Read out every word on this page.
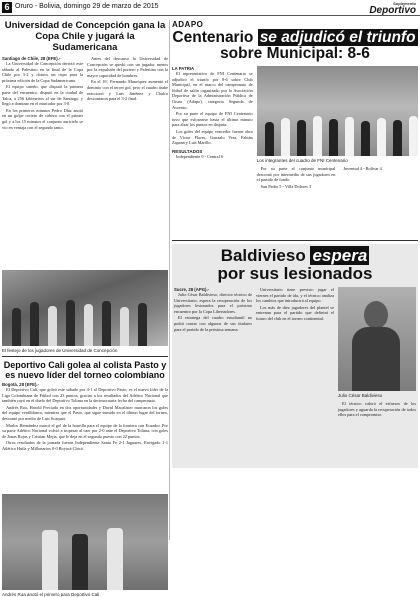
6 Oruro - Bolivia, domingo 29 de marzo de 2015	Suplemento
Deportivo
Universidad de Concepción gana la Copa Chile y jugará la Sudamericana
Santiago de Chile, 28 (EFE).-

La Universidad de Concepción derrotó este sábado al Palestino en la final de la Copa Chile por 3-2 y obtuvo un cupo para la próxima edición de la Copa Sudamericana.

El equipo sureño, que disputó la primera parte del encuentro, disputó en la ciudad de Talca, a 256 kilómetros al sur de Santiago, y llegó a dominar en el marcador por 3-0.

En los primeros minutos Pedro Díaz anotó en un golpe certero de cabeza con el primer gol y a los 15 minutos el conjunto auricielo se vio en ventaja con el segundo tanto.

Antes del descanso la Universidad de Concepción se quedó con un jugador menos por la expulsión del portero y Palestino con la mayor capacidad de hombres.

En el 16', Fernando Manríquez aumentó el dominio con el tercer gol, pero el cuadro árabe reaccionó y Luis Jiménez y Chalco descontaron para el 3-2 final.

El festejo de los jugadores de Universidad de Concepción
Deportivo Cali golea al colista Pasto y es nuevo líder del torneo colombiano
Bogotá, 28 (EFE).-

El Deportivo Cali, que goleó este sábado por 4-1 al Deportivo Pasto, es el nuevo líder de la Liga Colombiana de Fútbol con 23 puntos, gracias a los resultados del Atlético Nacional que también cayó en el duelo del Deportivo Tolima en la decimocuarta fecha del campeonato.

Andrés Roa, Harold Preciado en dos oportunidades y David Macalister marcaron los goles del equipo verdiblanco, mientras que el Pasto, que sigue sumido en el último lugar del torneo, descontó por medio de Luis Scarpati.

Marlos Hernández marcó el gol de la honrilla para el equipo de la frontera con Ecuador. Por su parte Atlético Nacional volvió a tropezar al caer por 2-0 ante el Deportivo Tolima, con goles de Jonas Rojas y Cristian Mejía, que le deja en el segundo puesto con 22 puntos.

Otros resultados de la jornada fueron Independiente Santa Fe 2-1 Jaguares, Envigado 1-1 Atlético Huila y Millonarios 0-0 Boyacá Chicó.

Andrés Roa anotó el primero para Deportivo Cali
ADAPO
Centenario se adjudicó el triunfo sobre Municipal: 8-6
LA PATRIA

El representativo de FNI Centenario se adjudicó el triunfo por 8-6 sobre Club Municipal, en el marco del campeonato de fútbol de salón organizado por la Asociación Deportiva de la Administración Pública de Oruro (Adapo), categoría Segunda de Ascenso.

Por su parte el equipo de FNI Centenario tuvo que esforzarse hasta el último minuto para alzar los puntos en disputa.

Los goles del equipo vencedor fueron obra de Víctor Flores, Gonzalo Vera, Fabián Zapana y Luis Marillo.

RESULTADOS

Independiente 9 - Central 6

Los integrantes del cuadro de FNI Centenario

Por su parte el conjunto municipal descontó por intermedio de sus jugadores en el partido de fondo.

San Pedro 5 - Villa Dolores 3

Juventud 4 - Bolívar 4

Baldivieso espera
por sus lesionados
Sucre, 28 (APG).-

Julio César Baldivieso, director técnico de Universitario, espera la recuperación de los jugadores lesionados para el próximo encuentro por la Copa Libertadores.

El estratega del cuadro estudiantil no podrá contar con algunos de sus titulares para el partido de la próxima semana.

Universitario tiene previsto jugar el viernes el partido de ida, y el técnico analiza los cambios que introducirá al equipo.

Los más de diez jugadores del plantel se entrenan para el partido que definirá el futuro del club en el torneo continental.

Julio César Baldivieso

El técnico valoró el esfuerzo de los jugadores y aguarda la recuperación de todos ellos para el compromiso.
